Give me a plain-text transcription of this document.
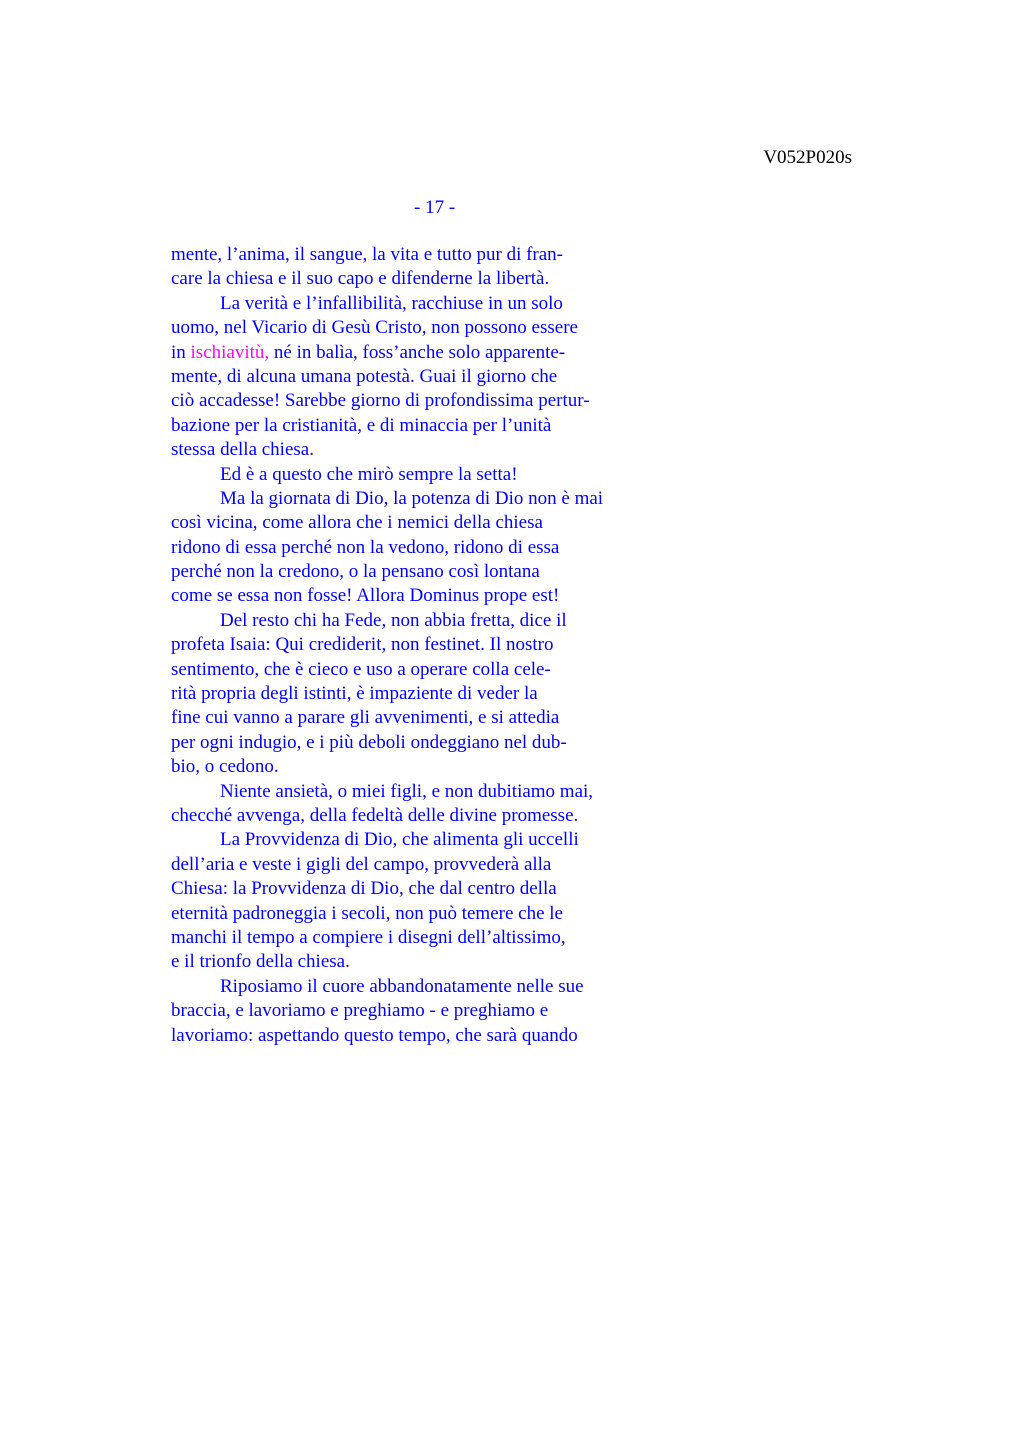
V052P020s
- 17 -
mente, l’anima, il sangue, la vita e tutto pur di fran-
care la chiesa e il suo capo e difenderne la libertà.
La verità e l’infallibilità, racchiuse in un solo
uomo, nel Vicario di Gesù Cristo, non possono essere
in ischiavitù, né in balìa, foss’anche solo apparente-
mente, di alcuna umana potestà. Guai il giorno che
ciò accadesse! Sarebbe giorno di profondissima pertur-
bazione per la cristianità, e di minaccia per l’unità
stessa della chiesa.
Ed è a questo che mirò sempre la setta!
Ma la giornata di Dio, la potenza di Dio non è mai
così vicina, come allora che i nemici della chiesa
ridono di essa perché non la vedono, ridono di essa
perché non la credono, o la pensano così lontana
come se essa non fosse! Allora Dominus prope est!
Del resto chi ha Fede, non abbia fretta, dice il
profeta Isaia: Qui crediderit, non festinet. Il nostro
sentimento, che è cieco e uso a operare colla cele-
rità propria degli istinti, è impaziente di veder la
fine cui vanno a parare gli avvenimenti, e si attedia
per ogni indugio, e i più deboli ondeggiano nel dub-
bio, o cedono.
Niente ansietà, o miei figli, e non dubitiamo mai,
checché avvenga, della fedeltà delle divine promesse.
La Provvidenza di Dio, che alimenta gli uccelli
dell’aria e veste i gigli del campo, provvederà alla
Chiesa: la Provvidenza di Dio, che dal centro della
eternità padroneggia i secoli, non può temere che le
manchi il tempo a compiere i disegni dell’altissimo,
e il trionfo della chiesa.
Riposiamo il cuore abbandonatamente nelle sue
braccia, e lavoriamo e preghiamo - e preghiamo e
lavoriamo: aspettando questo tempo, che sarà quando
